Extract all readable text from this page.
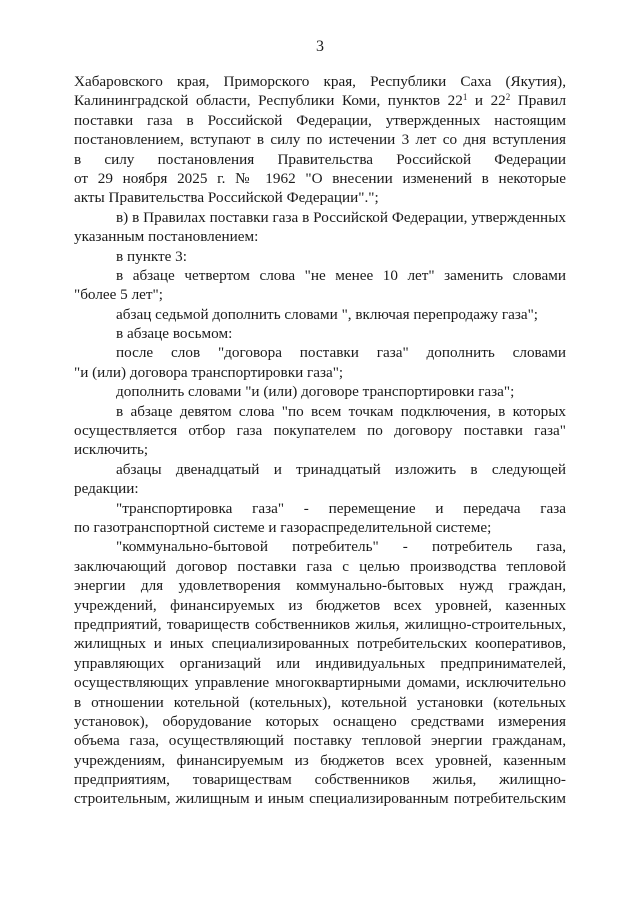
3
Хабаровского края, Приморского края, Республики Саха (Якутия),
Калининградской области, Республики Коми, пунктов $22^1$ и $22^2$ Правил
поставки газа в Российской Федерации, утвержденных настоящим
постановлением, вступают в силу по истечении 3 лет со дня вступления
в силу постановления Правительства Российской Федерации
от 29 ноября 2025 г. № 1962 "О внесении изменений в некоторые
акты Правительства Российской Федерации".";
в) в Правилах поставки газа в Российской Федерации, утвержденных
указанным постановлением:
в пункте 3:
в абзаце четвертом слова "не менее 10 лет" заменить словами
"более 5 лет";
абзац седьмой дополнить словами ", включая перепродажу газа";
в абзаце восьмом:
после слов "договора поставки газа" дополнить словами
"и (или) договора транспортировки газа";
дополнить словами "и (или) договоре транспортировки газа";
в абзаце девятом слова "по всем точкам подключения, в которых
осуществляется отбор газа покупателем по договору поставки газа"
исключить;
абзацы двенадцатый и тринадцатый изложить в следующей
редакции:
"транспортировка газа" - перемещение и передача газа
по газотранспортной системе и газораспределительной системе;
"коммунально-бытовой потребитель" - потребитель газа,
заключающий договор поставки газа с целью производства тепловой
энергии для удовлетворения коммунально-бытовых нужд граждан,
учреждений, финансируемых из бюджетов всех уровней, казенных
предприятий, товариществ собственников жилья, жилищно-строительных,
жилищных и иных специализированных потребительских кооперативов,
управляющих организаций или индивидуальных предпринимателей,
осуществляющих управление многоквартирными домами, исключительно
в отношении котельной (котельных), котельной установки (котельных
установок), оборудование которых оснащено средствами измерения
объема газа, осуществляющий поставку тепловой энергии гражданам,
учреждениям, финансируемым из бюджетов всех уровней, казенным
предприятиям, товариществам собственников жилья, жилищно-
строительным, жилищным и иным специализированным потребительским
